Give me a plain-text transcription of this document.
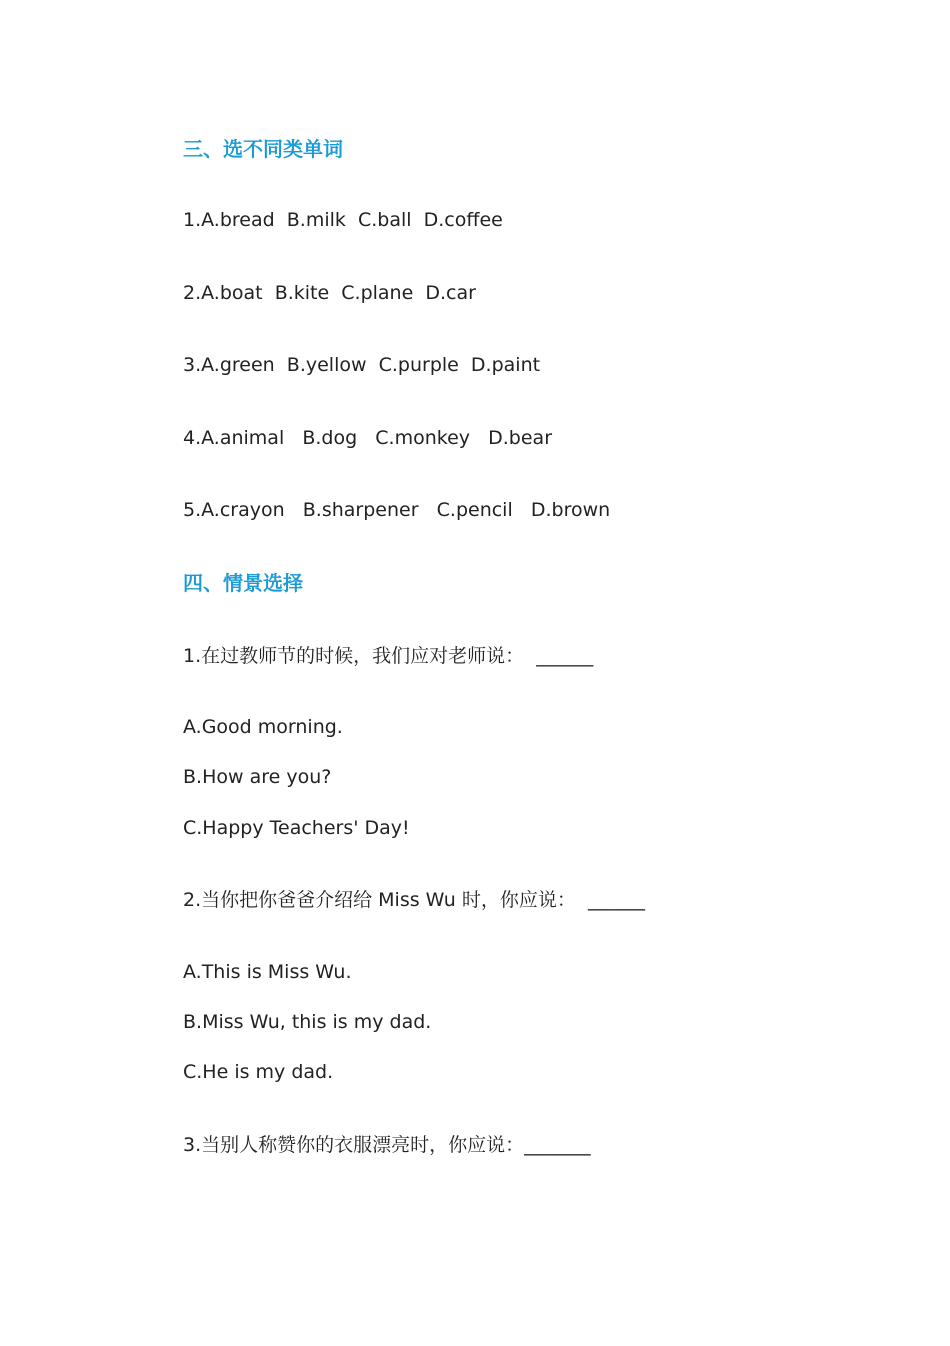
三、选不同类单词

1.A.bread  B.milk  C.ball  D.coffee

2.A.boat  B.kite  C.plane  D.car

3.A.green  B.yellow  C.purple  D.paint

4.A.animal   B.dog   C.monkey   D.bear

5.A.crayon   B.sharpener   C.pencil   D.brown

四、情景选择

1.在过教师节的时候，我们应对老师说：  ______

A.Good morning.

B.How are you?

C.Happy Teachers' Day!

2.当你把你爸爸介绍给 Miss Wu 时，你应说：  ______

A.This is Miss Wu.

B.Miss Wu, this is my dad.

C.He is my dad.

3.当别人称赞你的衣服漂亮时，你应说：_______
